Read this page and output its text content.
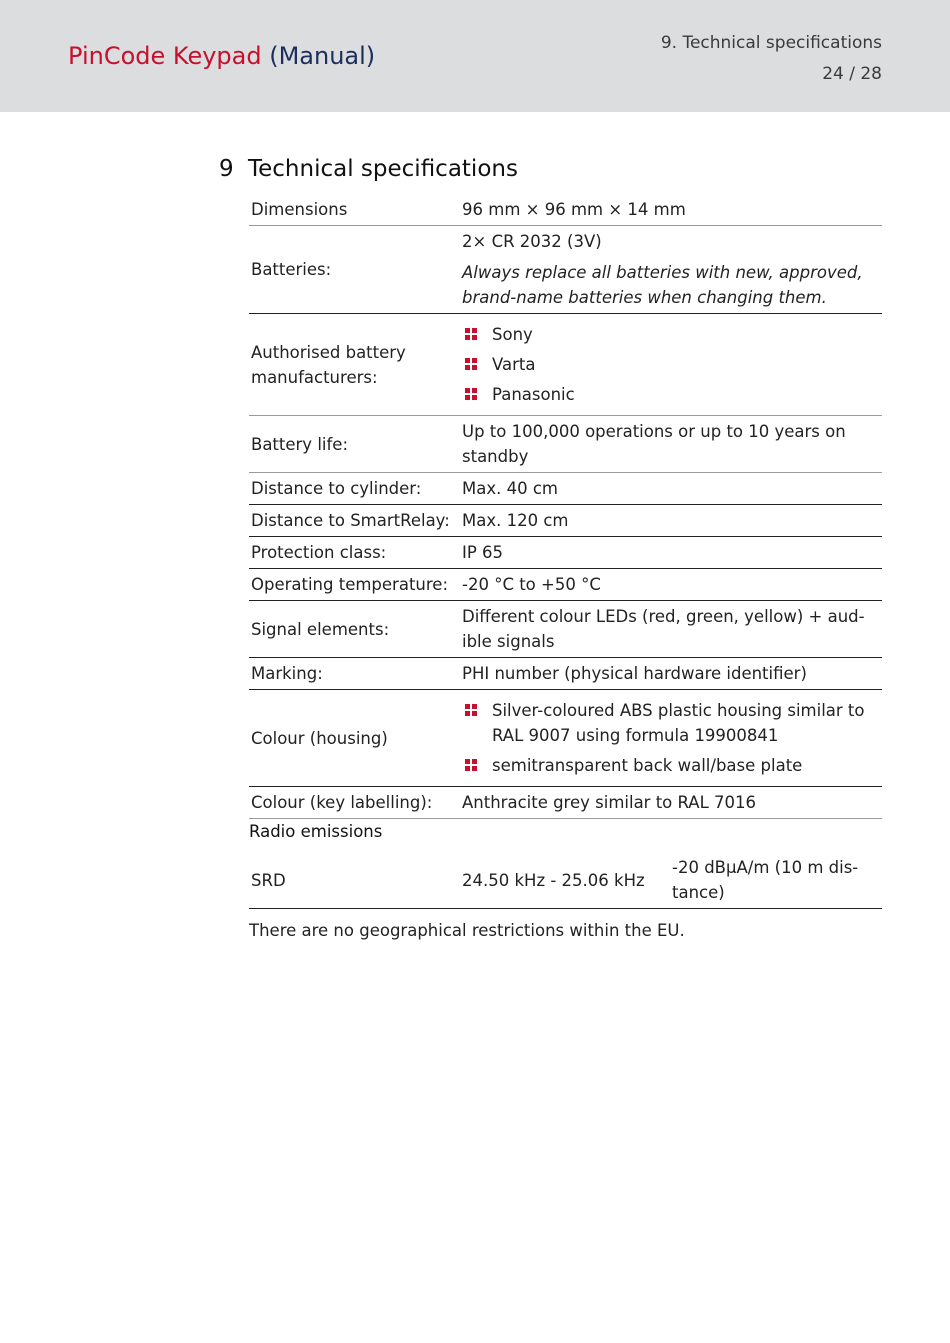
PinCode Keypad (Manual)	9. Technical specifications
24 / 28
9 Technical specifications
Dimensions	96 mm × 96 mm × 14 mm
Batteries:	2× CR 2032 (3V)
Always replace all batteries with new, approved, brand-name batteries when changing them.

Authorised battery manufacturers:	Sony
Varta
Panasonic

Battery life:	Up to 100,000 operations or up to 10 years on standby
Distance to cylinder:	Max. 40 cm
Distance to SmartRelay:	Max. 120 cm
Protection class:	IP 65
Operating temperature:	-20 °C to +50 °C
Signal elements:	Different colour LEDs (red, green, yellow) + aud-ible signals
Marking:	PHI number (physical hardware identifier)
Colour (housing)	Silver-coloured ABS plastic housing similar to RAL 9007 using formula 19900841
semitransparent back wall/base plate

Colour (key labelling):	Anthracite grey similar to RAL 7016
Radio emissions
SRD	24.50 kHz - 25.06 kHz	-20 dBµA/m (10 m dis-tance)
There are no geographical restrictions within the EU.
